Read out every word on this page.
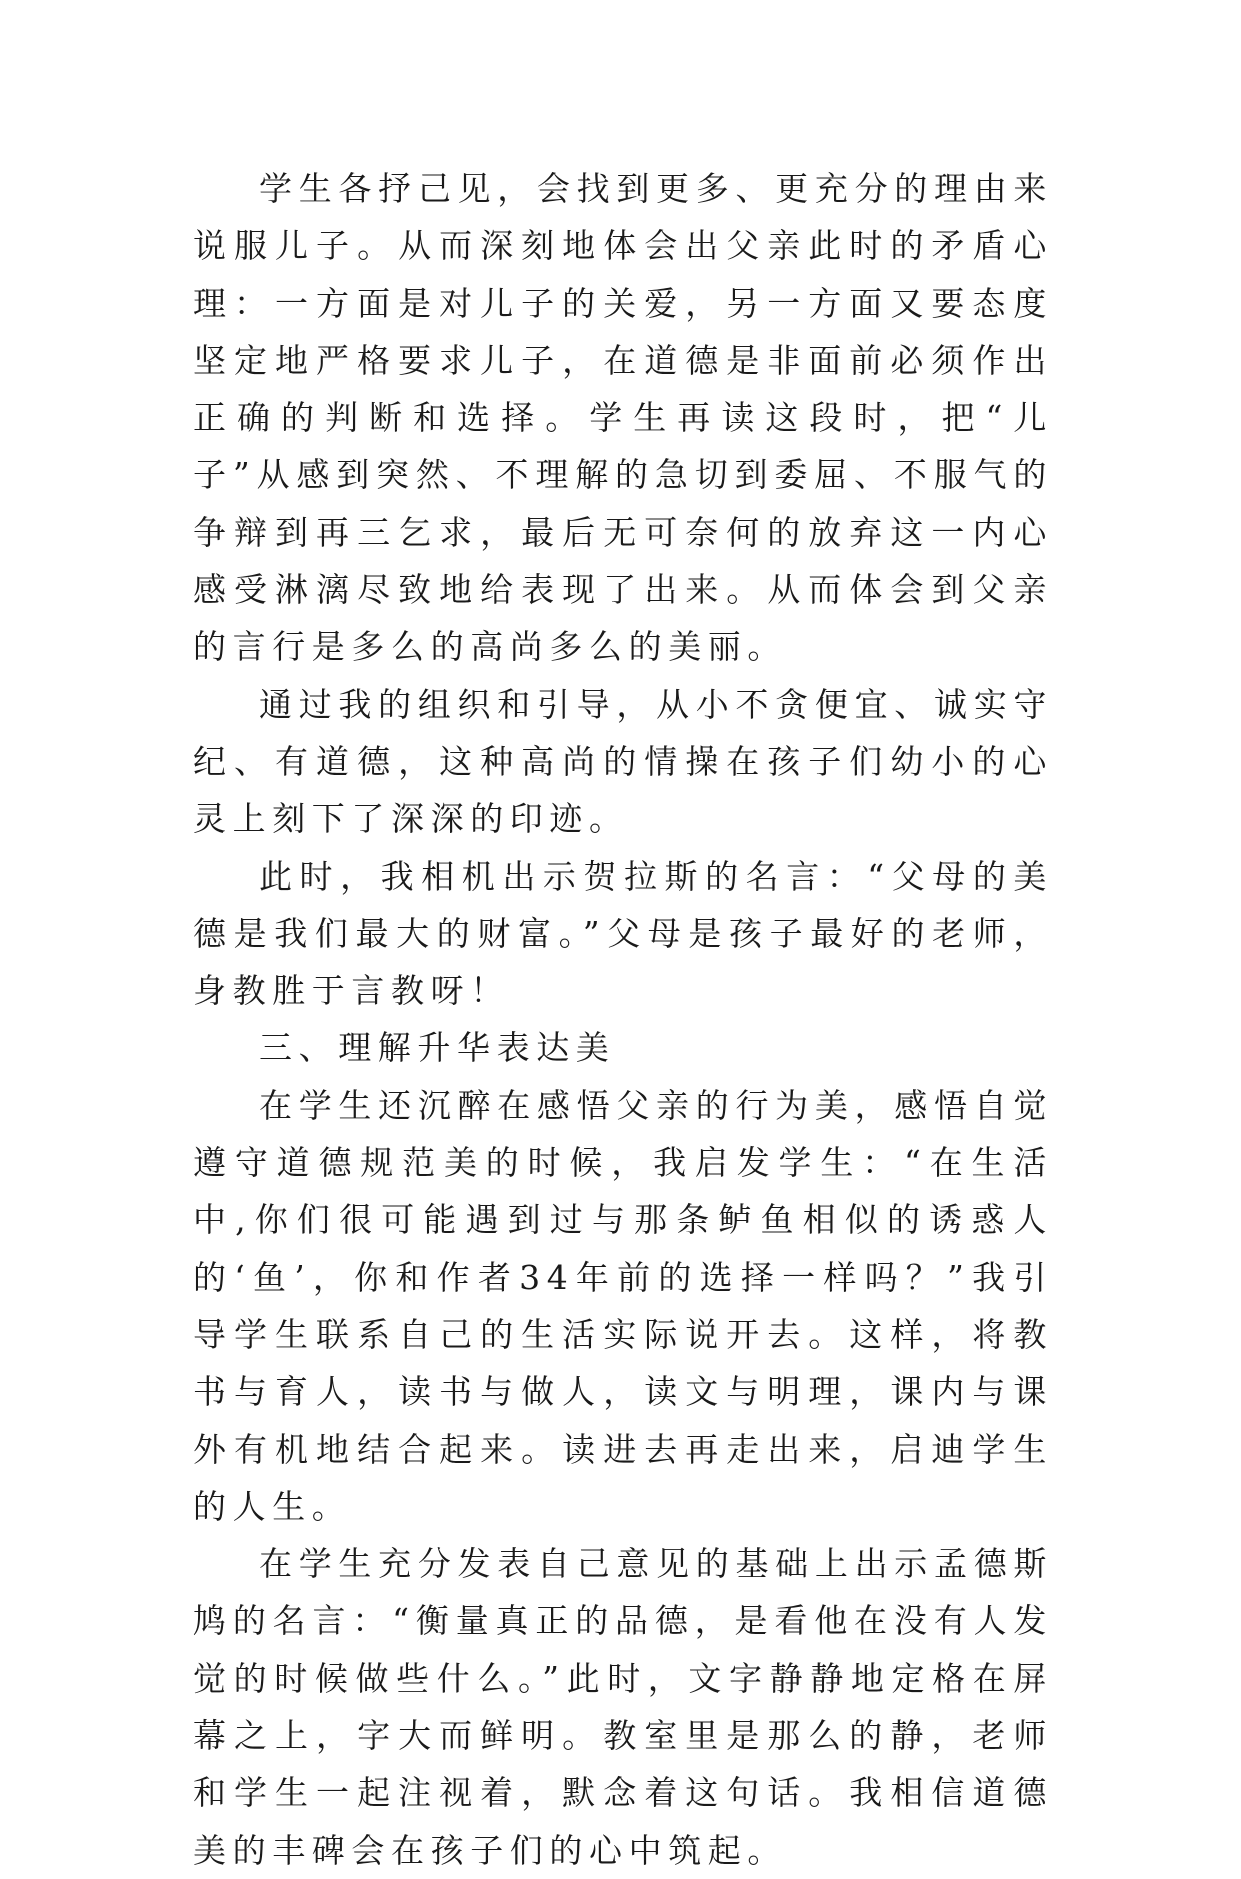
学生各抒己见，会找到更多、更充分的理由来说服儿子。从而深刻地体会出父亲此时的矛盾心理：一方面是对儿子的关爱，另一方面又要态度坚定地严格要求儿子，在道德是非面前必须作出正确的判断和选择。学生再读这段时，把“儿子”从感到突然、不理解的急切到委屈、不服气的争辩到再三乞求，最后无可奈何的放弃这一内心感受淋漓尽致地给表现了出来。从而体会到父亲的言行是多么的高尚多么的美丽。

通过我的组织和引导，从小不贪便宜、诚实守纪、有道德，这种高尚的情操在孩子们幼小的心灵上刻下了深深的印迹。

此时，我相机出示贺拉斯的名言：“父母的美德是我们最大的财富。”父母是孩子最好的老师，身教胜于言教呀！

三、理解升华表达美

在学生还沉醉在感悟父亲的行为美，感悟自觉遵守道德规范美的时候，我启发学生：“在生活中,你们很可能遇到过与那条鲈鱼相似的诱惑人的‘鱼’，你和作者34年前的选择一样吗？”我引导学生联系自己的生活实际说开去。这样，将教书与育人，读书与做人，读文与明理，课内与课外有机地结合起来。读进去再走出来，启迪学生的人生。

在学生充分发表自己意见的基础上出示孟德斯鸠的名言：“衡量真正的品德，是看他在没有人发觉的时候做些什么。”此时，文字静静地定格在屏幕之上，字大而鲜明。教室里是那么的静，老师和学生一起注视着，默念着这句话。我相信道德美的丰碑会在孩子们的心中筑起。
